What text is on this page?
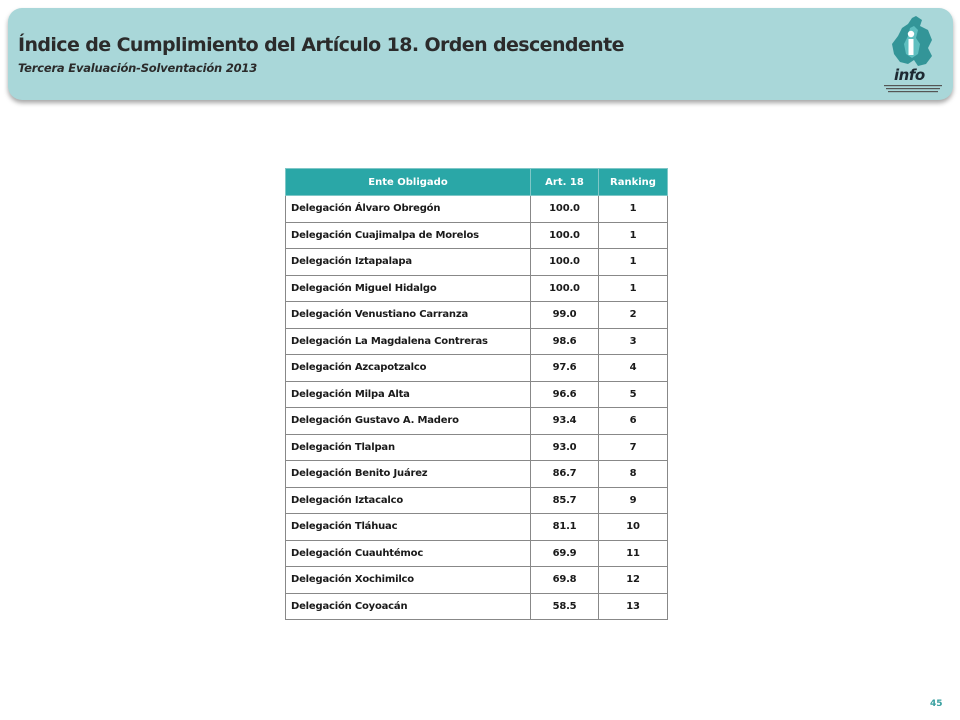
Índice de Cumplimiento del Artículo 18. Orden descendente
Tercera Evaluación-Solventación 2013	info
Ente Obligado	Art. 18	Ranking
Delegación Álvaro Obregón	100.0	1
Delegación Cuajimalpa de Morelos	100.0	1
Delegación Iztapalapa	100.0	1
Delegación Miguel Hidalgo	100.0	1
Delegación Venustiano Carranza	99.0	2
Delegación La Magdalena Contreras	98.6	3
Delegación Azcapotzalco	97.6	4
Delegación Milpa Alta	96.6	5
Delegación Gustavo A. Madero	93.4	6
Delegación Tlalpan	93.0	7
Delegación Benito Juárez	86.7	8
Delegación Iztacalco	85.7	9
Delegación Tláhuac	81.1	10
Delegación Cuauhtémoc	69.9	11
Delegación Xochimilco	69.8	12
Delegación Coyoacán	58.5	13
45
